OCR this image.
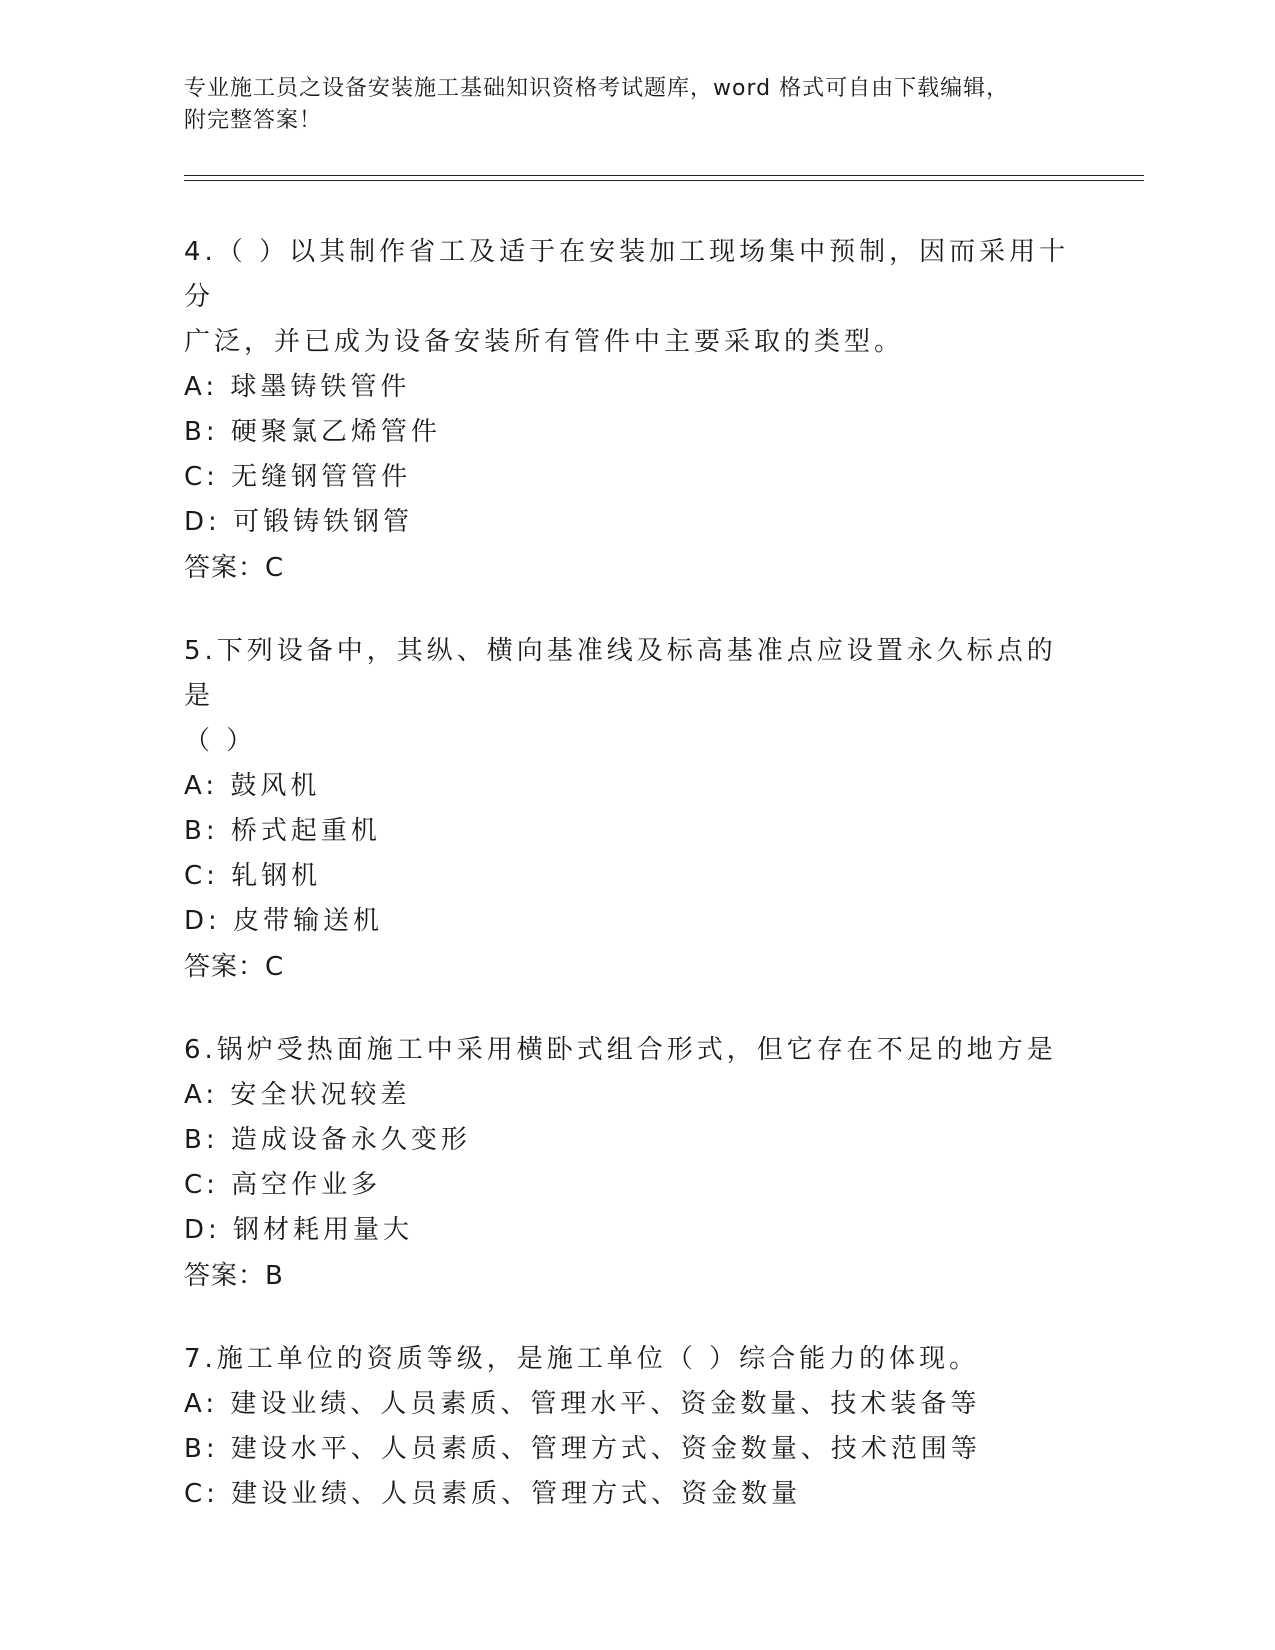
专业施工员之设备安装施工基础知识资格考试题库，word 格式可自由下载编辑，
附完整答案！
4.（ ）以其制作省工及适于在安装加工现场集中预制，因而采用十分
广泛，并已成为设备安装所有管件中主要采取的类型。
A: 球墨铸铁管件
B: 硬聚氯乙烯管件
C: 无缝钢管管件
D: 可锻铸铁钢管
答案：C
5.下列设备中，其纵、横向基准线及标高基准点应设置永久标点的是
（ ）
A: 鼓风机
B: 桥式起重机
C: 轧钢机
D: 皮带输送机
答案：C
6.锅炉受热面施工中采用横卧式组合形式，但它存在不足的地方是
A: 安全状况较差
B: 造成设备永久变形
C: 高空作业多
D: 钢材耗用量大
答案：B
7.施工单位的资质等级，是施工单位（ ）综合能力的体现。
A: 建设业绩、人员素质、管理水平、资金数量、技术装备等
B: 建设水平、人员素质、管理方式、资金数量、技术范围等
C: 建设业绩、人员素质、管理方式、资金数量
